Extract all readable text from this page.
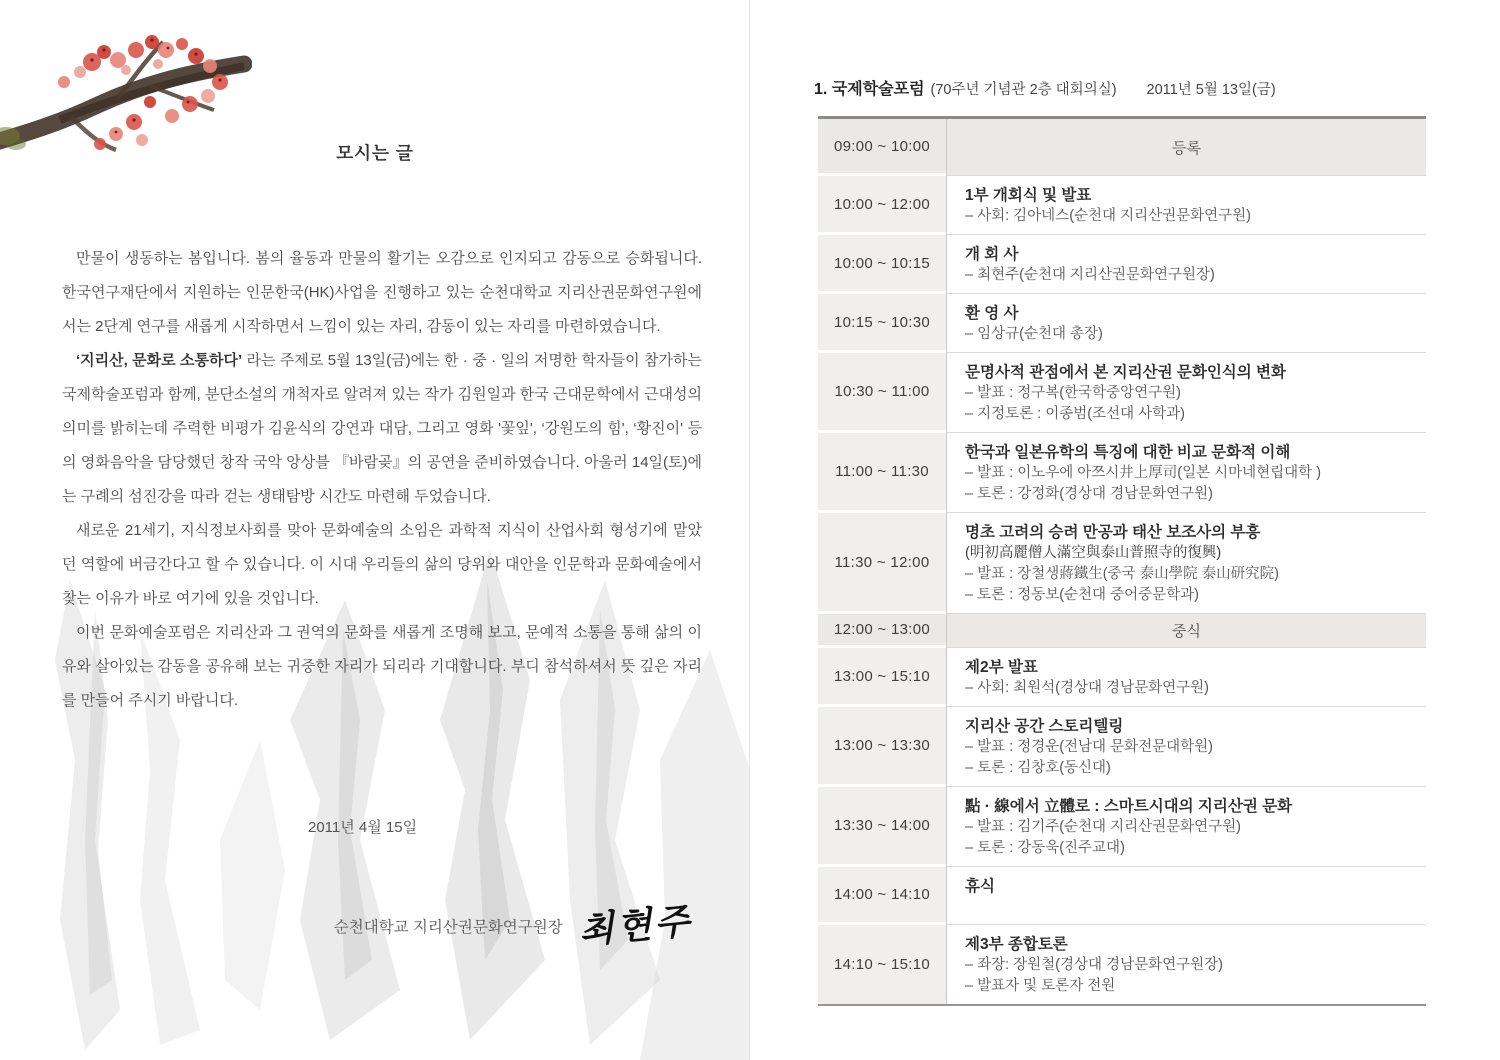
모시는 글

만물이 생동하는 봄입니다. 봄의 율동과 만물의 활기는 오감으로 인지되고 감동으로 승화됩니다. 한국연구재단에서 지원하는 인문한국(HK)사업을 진행하고 있는 순천대학교 지리산권문화연구원에서는 2단계 연구를 새롭게 시작하면서 느낌이 있는 자리, 감동이 있는 자리를 마련하였습니다.

‘지리산, 문화로 소통하다’ 라는 주제로 5월 13일(금)에는 한 · 중 · 일의 저명한 학자들이 참가하는 국제학술포럼과 함께, 분단소설의 개척자로 알려져 있는 작가 김원일과 한국 근대문학에서 근대성의 의미를 밝히는데 주력한 비평가 김윤식의 강연과 대담, 그리고 영화 '꽃잎', ‘강원도의 힘', ‘황진이' 등의 영화음악을 담당했던 창작 국악 앙상블 『바람곶』의 공연을 준비하였습니다. 아울러 14일(토)에는 구례의 섬진강을 따라 걷는 생태탐방 시간도 마련해 두었습니다.

새로운 21세기, 지식정보사회를 맞아 문화예술의 소임은 과학적 지식이 산업사회 형성기에 맡았던 역할에 버금간다고 할 수 있습니다. 이 시대 우리들의 삶의 당위와 대안을 인문학과 문화예술에서 찾는 이유가 바로 여기에 있을 것입니다.

이번 문화예술포럼은 지리산과 그 권역의 문화를 새롭게 조명해 보고, 문예적 소통을 통해 삶의 이유와 살아있는 감동을 공유해 보는 귀중한 자리가 되리라 기대합니다. 부디 참석하셔서 뜻 깊은 자리를 만들어 주시기 바랍니다.

2011년 4월 15일
순천대학교 지리산권문화연구원장 최현주
1. 국제학술포럼 (70주년 기념관 2층 대회의실) 2011년 5월 13일(금)
09:00 ~ 10:00	등록
10:00 ~ 12:00	1부 개회식 및 발표
– 사회: 김아네스(순천대 지리산권문화연구원)
10:00 ~ 10:15	개 회 사
– 최현주(순천대 지리산권문화연구원장)
10:15 ~ 10:30	환 영 사
– 임상규(순천대 총장)
10:30 ~ 11:00
문명사적 관점에서 본 지리산권 문화인식의 변화
– 발표 : 정구복(한국학중앙연구원)
– 지정토론 : 이종범(조선대 사학과)
11:00 ~ 11:30
한국과 일본유학의 특징에 대한 비교 문화적 이해
– 발표 : 이노우에 아쯔시井上厚司(일본 시마네현립대학 )
– 토론 : 강정화(경상대 경남문화연구원)
11:30 ~ 12:00
명초 고려의 승려 만공과 태산 보조사의 부흥
(明初高麗僧人滿空與泰山普照寺的復興)
– 발표 : 장철생蔣鐵生(중국 泰山學院 泰山研究院)
– 토론 : 정동보(순천대 중어중문학과)
12:00 ~ 13:00	중식
13:00 ~ 15:10	제2부 발표
– 사회: 최원석(경상대 경남문화연구원)
13:00 ~ 13:30
지리산 공간 스토리텔링
– 발표 : 정경운(전남대 문화전문대학원)
– 토론 : 김창호(동신대)
13:30 ~ 14:00
點 · 線에서 立體로 : 스마트시대의 지리산권 문화
– 발표 : 김기주(순천대 지리산권문화연구원)
– 토론 : 강동욱(진주교대)
14:00 ~ 14:10	휴식
14:10 ~ 15:10
제3부 종합토론
– 좌장: 장원철(경상대 경남문화연구원장)
– 발표자 및 토론자 전원
